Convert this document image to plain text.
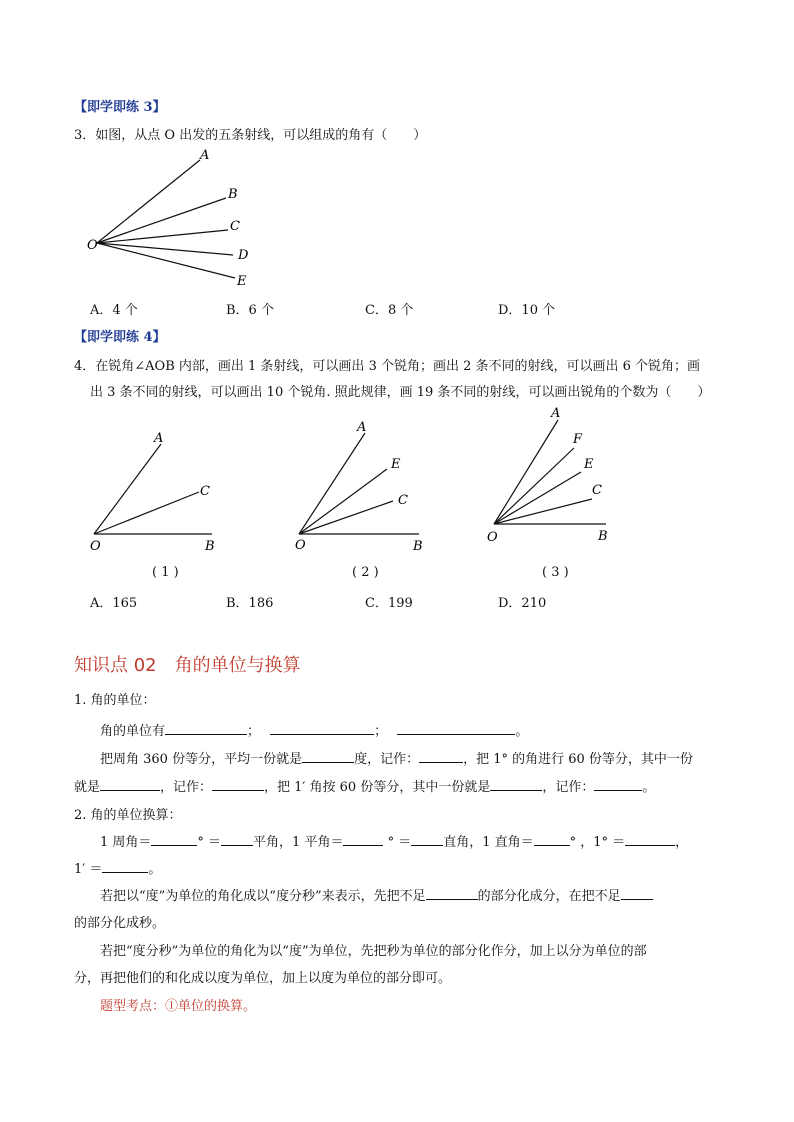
【即学即练 3】
3．如图，从点 O 出发的五条射线，可以组成的角有（　　）
A
B
C
D
E
O
A．4 个	B．6 个	C．8 个	D．10 个
【即学即练 4】
4．在锐角∠AOB 内部，画出 1 条射线，可以画出 3 个锐角；画出 2 条不同的射线，可以画出 6 个锐角；画
出 3 条不同的射线，可以画出 10 个锐角. 照此规律，画 19 条不同的射线，可以画出锐角的个数为（　　）
A
C
O	B
( 1 )
A
E
C
O	B
( 2 )
A
F
E
C
O	B
( 3 )
A．165	B．186	C．199	D．210
知识点 02　角的单位与换算
1. 角的单位：
角的单位有	；	；	。
把周角 360 份等分，平均一份就是	度，记作：	，把 1° 的角进行 60 份等分，其中一份
就是	，记作：	，把 1′ 角按 60 份等分，其中一份就是	，记作：	。
2. 角的单位换算：
1 周角＝	° ＝ 平角，1 平角＝	° ＝ 直角，1 直角＝	° ，1° ＝	，
1′ ＝	。
若把以“度”为单位的角化成以“度分秒”来表示，先把不足	的部分化成分，在把不足
的部分化成秒。
若把“度分秒”为单位的角化为以“度”为单位，先把秒为单位的部分化作分，加上以分为单位的部
分，再把他们的和化成以度为单位，加上以度为单位的部分即可。
题型考点：①单位的换算。
